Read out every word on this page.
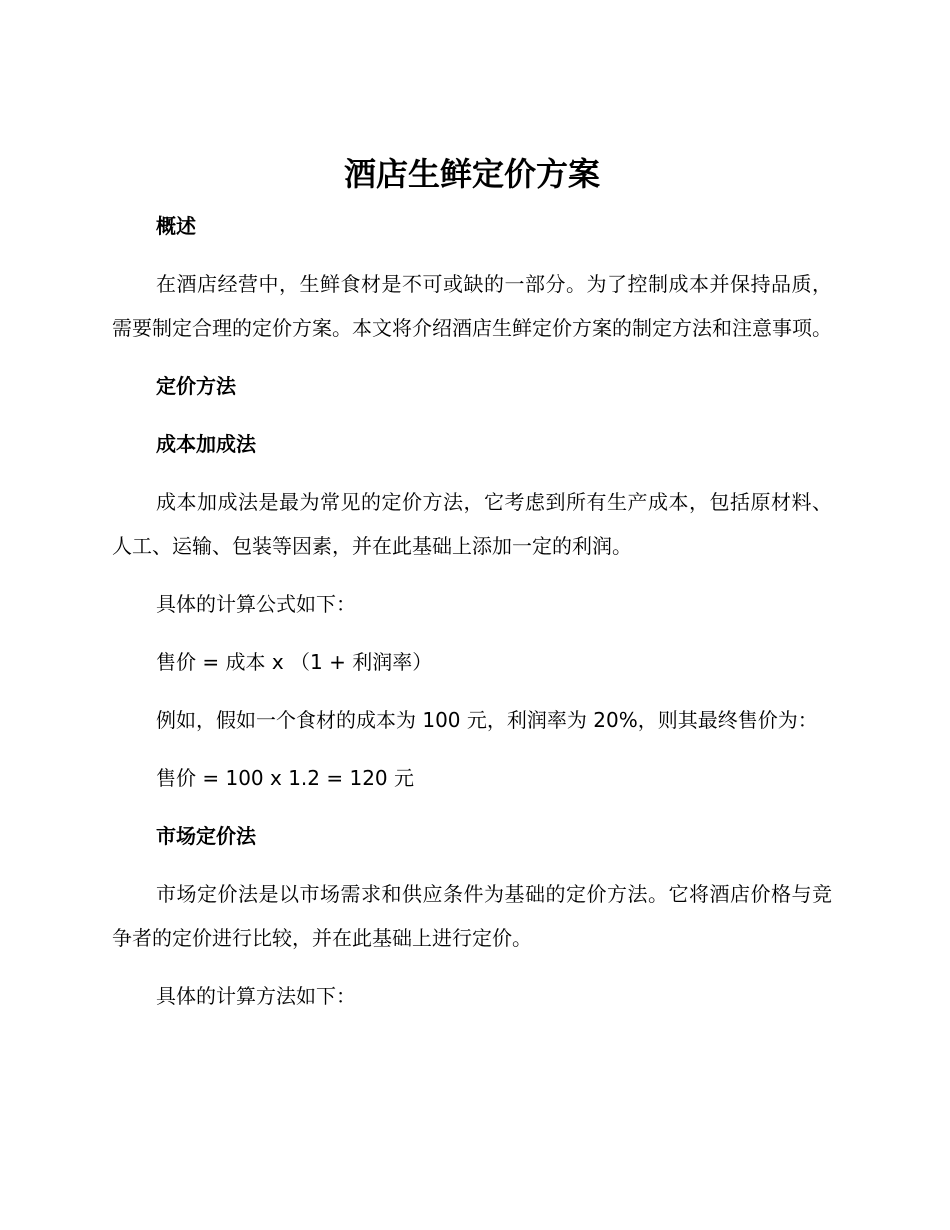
酒店生鲜定价方案
概述

在酒店经营中，生鲜食材是不可或缺的一部分。为了控制成本并保持品质，需要制定合理的定价方案。本文将介绍酒店生鲜定价方案的制定方法和注意事项。

定价方法
成本加成法

成本加成法是最为常见的定价方法，它考虑到所有生产成本，包括原材料、人工、运输、包装等因素，并在此基础上添加一定的利润。

具体的计算公式如下：

售价 = 成本 x （1 + 利润率）

例如，假如一个食材的成本为 100 元，利润率为 20%，则其最终售价为：

售价 = 100 x 1.2 = 120 元

市场定价法

市场定价法是以市场需求和供应条件为基础的定价方法。它将酒店价格与竞争者的定价进行比较，并在此基础上进行定价。

具体的计算方法如下：
